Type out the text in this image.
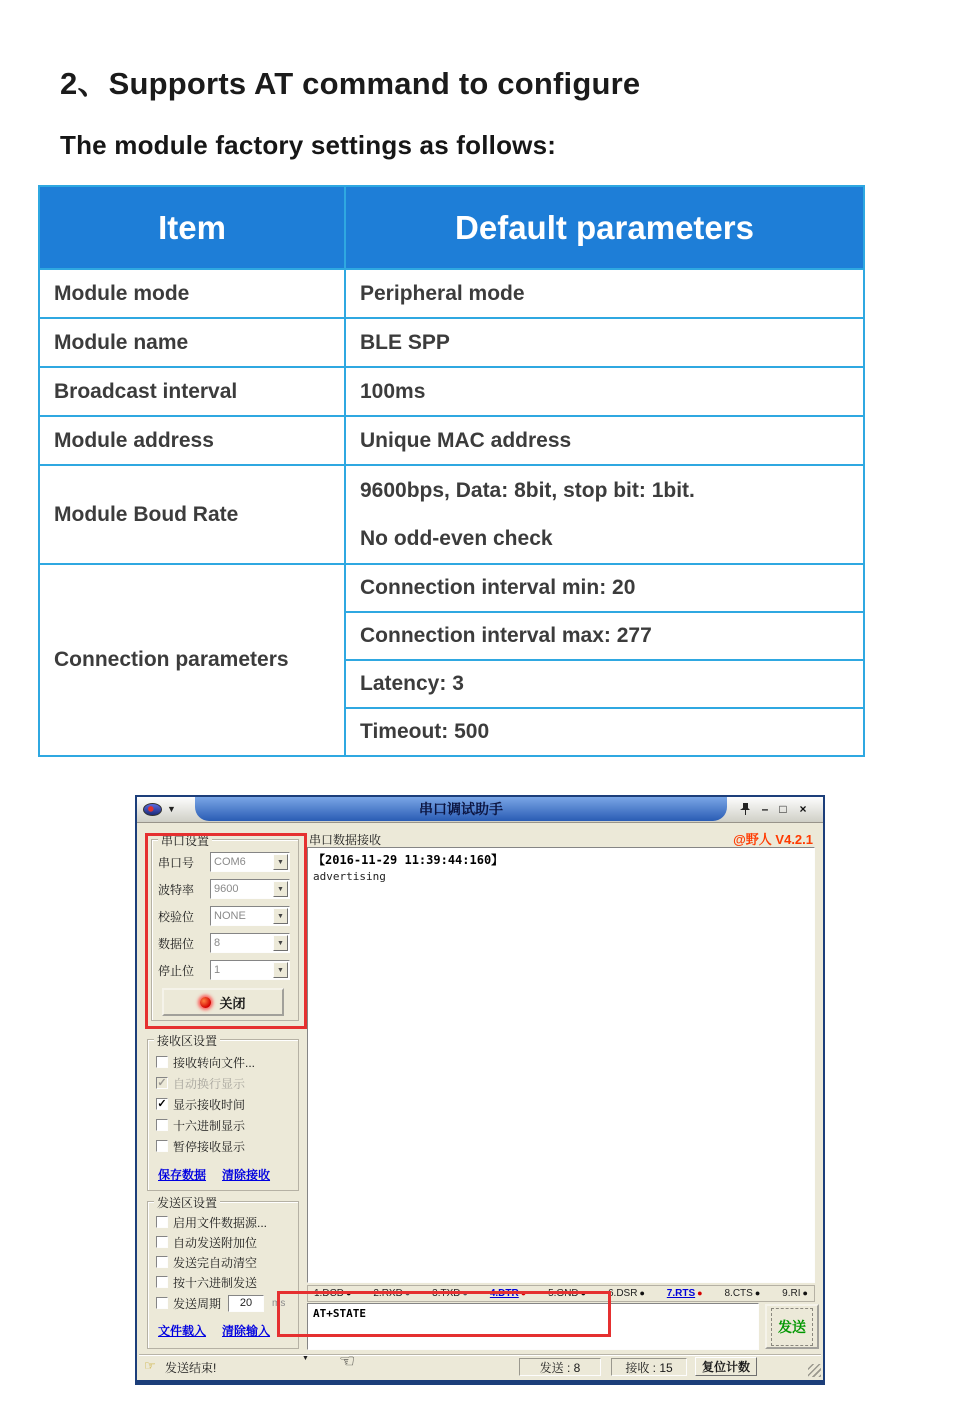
2、Supports AT command to configure

The module factory settings as follows:

Item	Default parameters
Module mode	Peripheral mode
Module name	BLE SPP
Broadcast interval	100ms
Module address	Unique MAC address
Module Boud Rate	9600bps, Data: 8bit, stop bit: 1bit.
No odd-even check

Connection parameters	Connection interval min: 20
	Connection interval max: 277
	Latency: 3
	Timeout: 500
▼	串口调试助手	– □	×
串口设置
串口号	COM6	▼
波特率	9600	▼
校验位	NONE	▼
数据位	8	▼
停止位	1	▼
关闭
接收区设置
接收转向文件...
✓ 自动换行显示
✓ 显示接收时间
十六进制显示
暂停接收显示
保存数据 清除接收
发送区设置
启用文件数据源...
自动发送附加位
发送完自动清空
按十六进制发送
发送周期	20	ms
文件载入 清除输入
串口数据接收	@野人 V4.2.1
【2016-11-29 11:39:44:160】
advertising
1.DCD ● 2.RXD ● 3.TXD ● 4.DTR ● 5.GND ● 6.DSR ● 7.RTS ● 8.CTS ● 9.RI ●
AT+STATE
发送
☞ 发送结束!
▼ ☜	发送 : 8	接收 : 15	复位计数
